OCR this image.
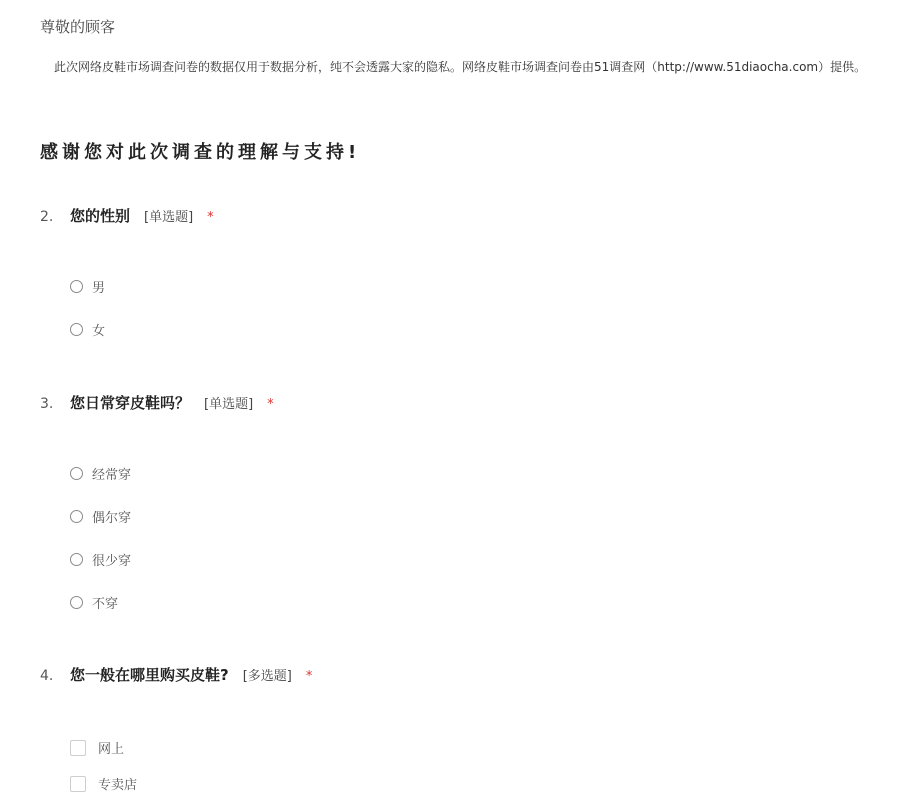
尊敬的顾客
此次网络皮鞋市场调查问卷的数据仅用于数据分析，纯不会透露大家的隐私。网络皮鞋市场调查问卷由51调查网（http://www.51diaocha.com）提供。
感谢您对此次调查的理解与支持!
2.	您的性别 [单选题] *
男
女
3.	您日常穿皮鞋吗？ [单选题] *
经常穿
偶尔穿
很少穿
不穿
4.	您一般在哪里购买皮鞋? [多选题] *
网上
专卖店
